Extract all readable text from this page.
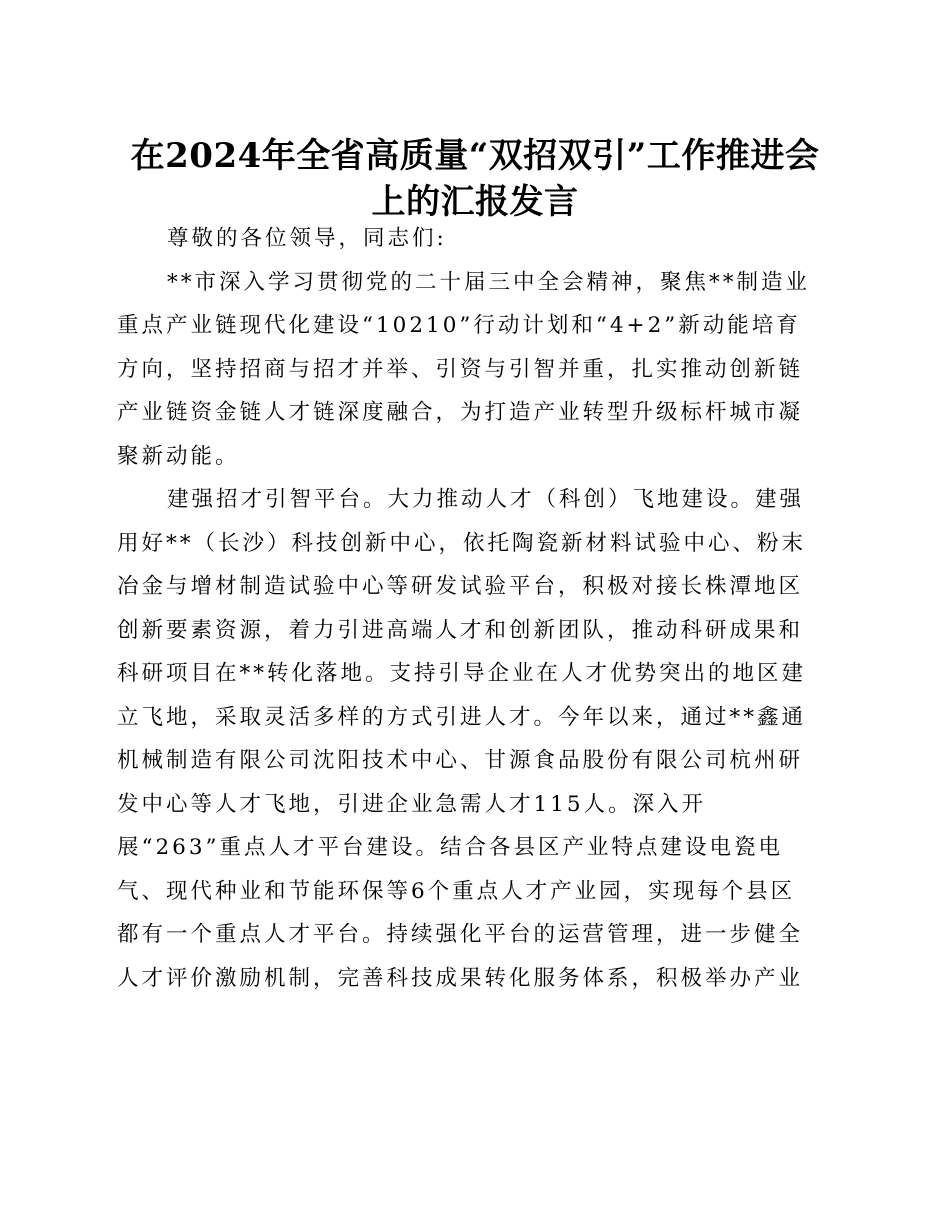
在2024年全省高质量“双招双引”工作推进会
上的汇报发言
尊敬的各位领导，同志们:
**市深入学习贯彻党的二十届三中全会精神，聚焦**制造业
重点产业链现代化建设“10210”行动计划和“4+2”新动能培育
方向，坚持招商与招才并举、引资与引智并重，扎实推动创新链
产业链资金链人才链深度融合，为打造产业转型升级标杆城市凝
聚新动能。
建强招才引智平台。大力推动人才（科创）飞地建设。建强
用好**（长沙）科技创新中心，依托陶瓷新材料试验中心、粉末
冶金与增材制造试验中心等研发试验平台，积极对接长株潭地区
创新要素资源，着力引进高端人才和创新团队，推动科研成果和
科研项目在**转化落地。支持引导企业在人才优势突出的地区建
立飞地，采取灵活多样的方式引进人才。今年以来，通过**鑫通
机械制造有限公司沈阳技术中心、甘源食品股份有限公司杭州研
发中心等人才飞地，引进企业急需人才115人。深入开
展“263”重点人才平台建设。结合各县区产业特点建设电瓷电
气、现代种业和节能环保等6个重点人才产业园，实现每个县区
都有一个重点人才平台。持续强化平台的运营管理，进一步健全
人才评价激励机制，完善科技成果转化服务体系，积极举办产业
